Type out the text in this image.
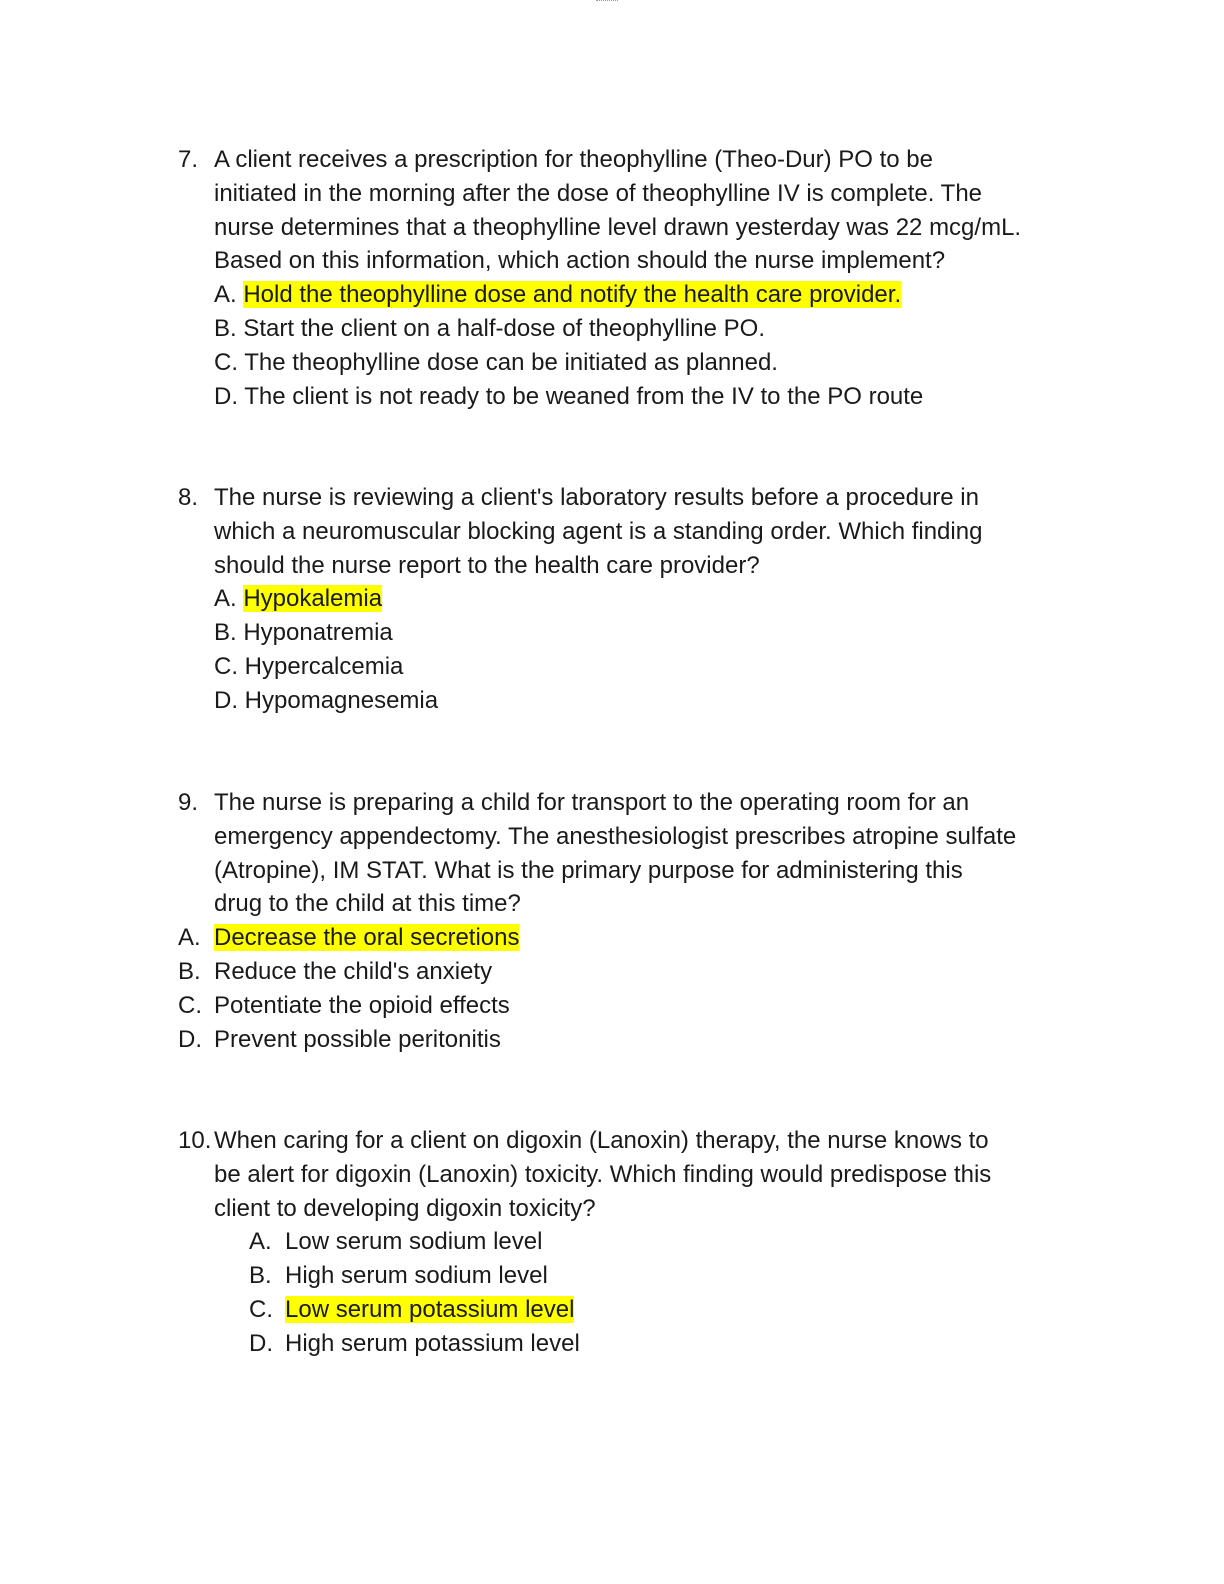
7. A client receives a prescription for theophylline (Theo-Dur) PO to be
initiated in the morning after the dose of theophylline IV is complete. The
nurse determines that a theophylline level drawn yesterday was 22 mcg/mL.
Based on this information, which action should the nurse implement?
A. Hold the theophylline dose and notify the health care provider.
B. Start the client on a half-dose of theophylline PO.
C. The theophylline dose can be initiated as planned.
D. The client is not ready to be weaned from the IV to the PO route
8. The nurse is reviewing a client's laboratory results before a procedure in
which a neuromuscular blocking agent is a standing order. Which finding
should the nurse report to the health care provider?
A. Hypokalemia
B. Hyponatremia
C. Hypercalcemia
D. Hypomagnesemia
9. The nurse is preparing a child for transport to the operating room for an
emergency appendectomy. The anesthesiologist prescribes atropine sulfate
(Atropine), IM STAT. What is the primary purpose for administering this
drug to the child at this time?
A. Decrease the oral secretions
B. Reduce the child's anxiety
C. Potentiate the opioid effects
D. Prevent possible peritonitis
10. When caring for a client on digoxin (Lanoxin) therapy, the nurse knows to
be alert for digoxin (Lanoxin) toxicity. Which finding would predispose this
client to developing digoxin toxicity?
A. Low serum sodium level
B. High serum sodium level
C. Low serum potassium level
D. High serum potassium level
